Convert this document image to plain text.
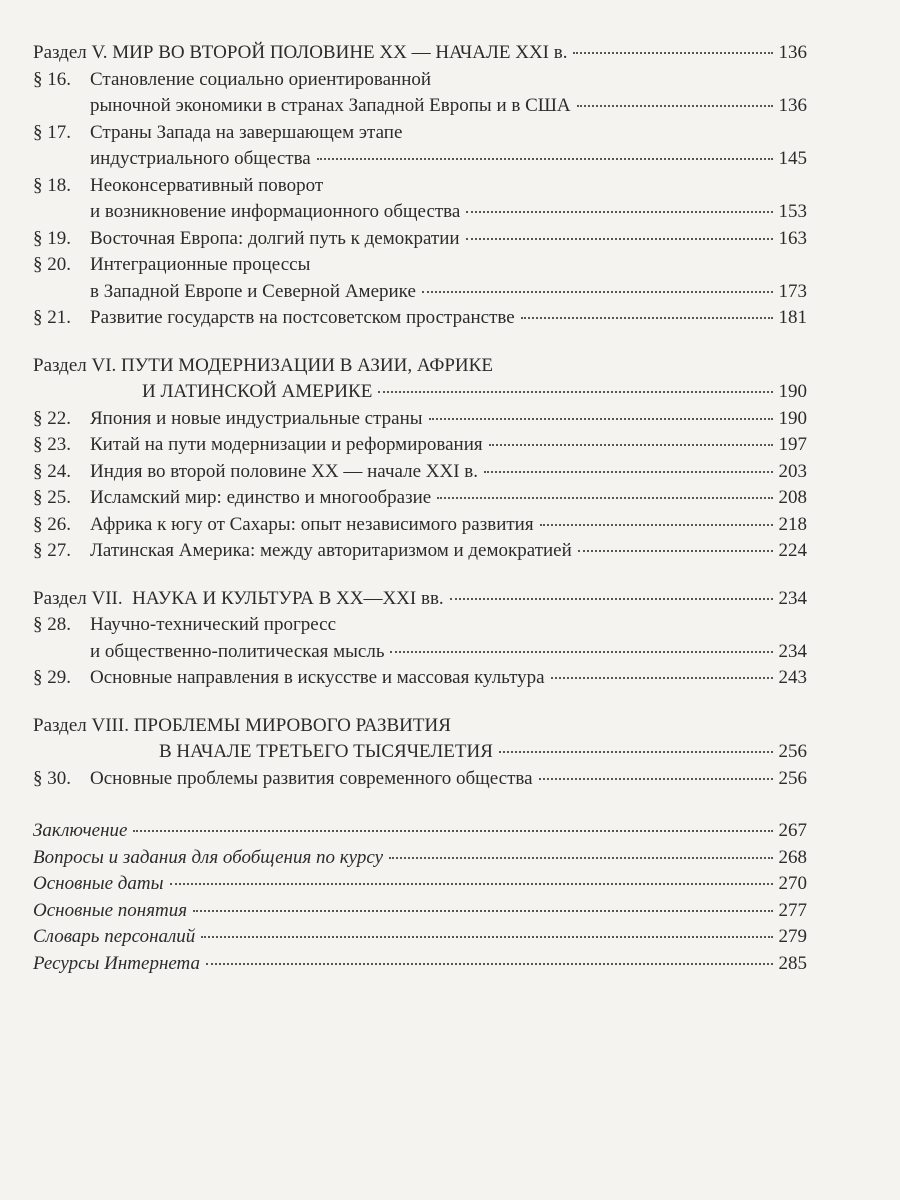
Раздел V. МИР ВО ВТОРОЙ ПОЛОВИНЕ XX — НАЧАЛЕ XXI в.	136
§ 16.	Становление социально ориентированной
рыночной экономики в странах Западной Европы и в США	136
§ 17.	Страны Запада на завершающем этапе
индустриального общества	145
§ 18.	Неоконсервативный поворот
и возникновение информационного общества	153
§ 19.	Восточная Европа: долгий путь к демократии	163
§ 20.	Интеграционные процессы
в Западной Европе и Северной Америке	173
§ 21.	Развитие государств на постсоветском пространстве	181
Раздел VI. ПУТИ МОДЕРНИЗАЦИИ В АЗИИ, АФРИКЕ
И ЛАТИНСКОЙ АМЕРИКЕ	190
§ 22.	Япония и новые индустриальные страны	190
§ 23.	Китай на пути модернизации и реформирования	197
§ 24.	Индия во второй половине XX — начале XXI в.	203
§ 25.	Исламский мир: единство и многообразие	208
§ 26.	Африка к югу от Сахары: опыт независимого развития	218
§ 27.	Латинская Америка: между авторитаризмом и демократией	224
Раздел VII.  НАУКА И КУЛЬТУРА В XX—XXI вв.	234
§ 28.	Научно-технический прогресс
и общественно-политическая мысль	234
§ 29.	Основные направления в искусстве и массовая культура	243
Раздел VIII. ПРОБЛЕМЫ МИРОВОГО РАЗВИТИЯ
В НАЧАЛЕ ТРЕТЬЕГО ТЫСЯЧЕЛЕТИЯ	256
§ 30.	Основные проблемы развития современного общества	256
Заключение	267
Вопросы и задания для обобщения по курсу	268
Основные даты	270
Основные понятия	277
Словарь персоналий	279
Ресурсы Интернета	285
